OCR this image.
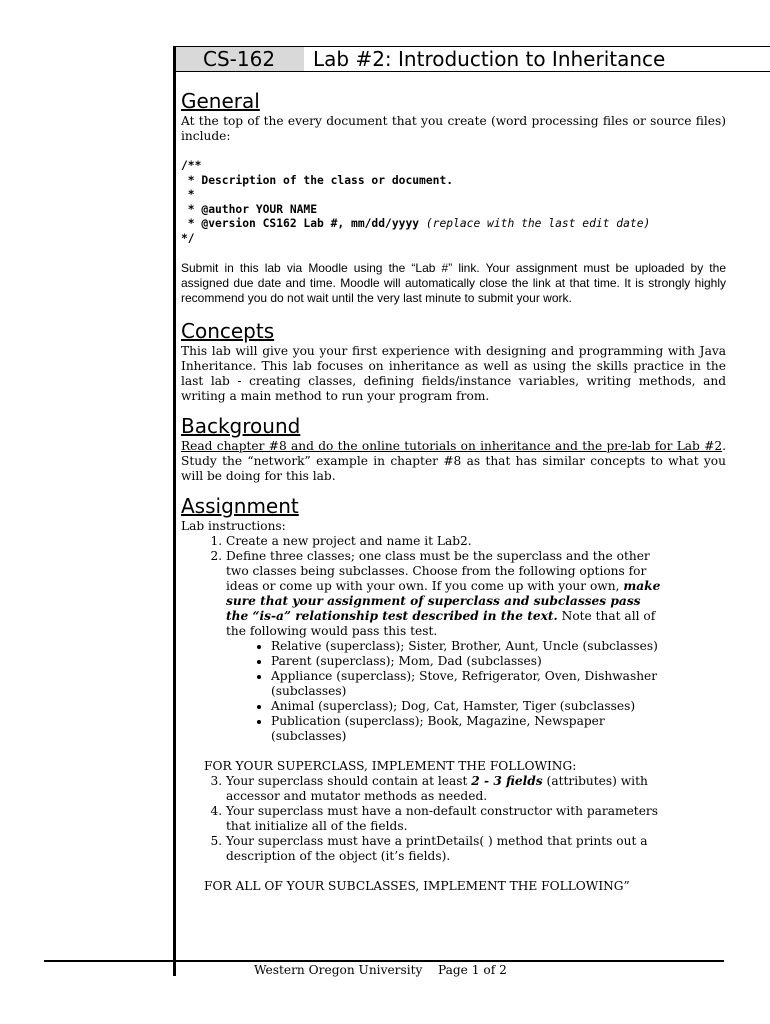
CS-162	Lab #2: Introduction to Inheritance
General

At the top of the every document that you create (word processing files or source files) include:

/**
* Description of the class or document.
*
* @author YOUR NAME
* @version CS162 Lab #, mm/dd/yyyy (replace with the last edit date)
*/

Submit in this lab via Moodle using the “Lab #” link. Your assignment must be uploaded by the assigned due date and time. Moodle will automatically close the link at that time. It is strongly highly recommend you do not wait until the very last minute to submit your work.

Concepts

This lab will give you your first experience with designing and programming with Java Inheritance. This lab focuses on inheritance as well as using the skills practice in the last lab - creating classes, defining fields/instance variables, writing methods, and writing a main method to run your program from.

Background

Read chapter #8 and do the online tutorials on inheritance and the pre-lab for Lab #2. Study the “network” example in chapter #8 as that has similar concepts to what you will be doing for this lab.

Assignment

Lab instructions:

1. Create a new project and name it Lab2.
2. Define three classes; one class must be the superclass and the other two classes being subclasses. Choose from the following options for ideas or come up with your own. If you come up with your own, make sure that your assignment of superclass and subclasses pass the “is-a” relationship test described in the text. Note that all of the following would pass this test.
• Relative (superclass); Sister, Brother, Aunt, Uncle (subclasses)
• Parent (superclass); Mom, Dad (subclasses)
• Appliance (superclass); Stove, Refrigerator, Oven, Dishwasher (subclasses)
• Animal (superclass); Dog, Cat, Hamster, Tiger (subclasses)
• Publication (superclass); Book, Magazine, Newspaper (subclasses)

FOR YOUR SUPERCLASS, IMPLEMENT THE FOLLOWING:

3. Your superclass should contain at least 2 - 3 fields (attributes) with accessor and mutator methods as needed.
4. Your superclass must have a non-default constructor with parameters that initialize all of the fields.
5. Your superclass must have a printDetails( ) method that prints out a description of the object (it’s fields).

FOR ALL OF YOUR SUBCLASSES, IMPLEMENT THE FOLLOWING”

Western Oregon University Page 1 of 2
